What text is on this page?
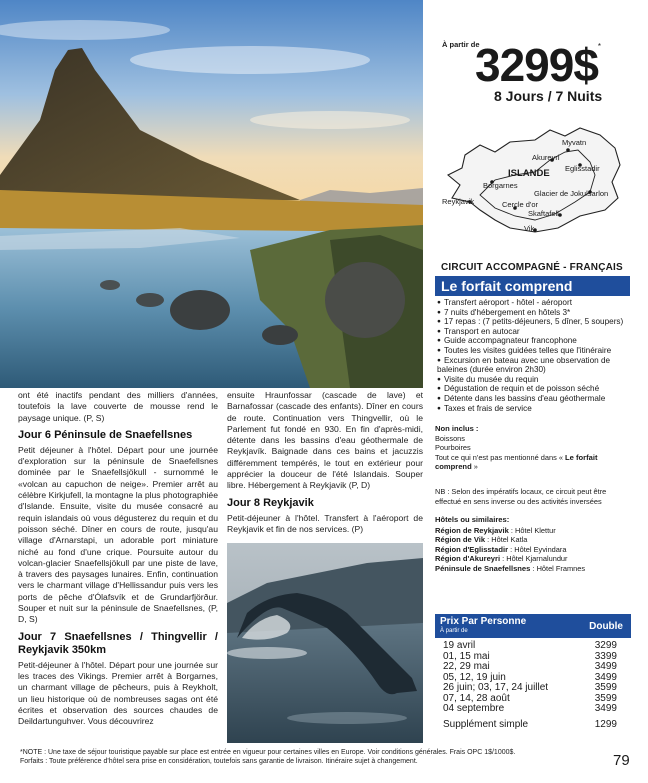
À partir de
3299$*
8 Jours / 7 Nuits
Myvatn
Akureyri
Eglisstadir
ISLANDE
Borgarnes
Glacier de Jokulsarlon
Reykjavik	Cercle d'or
Skaftafell
Vik
CIRCUIT ACCOMPAGNÉ - FRANÇAIS
Le forfait comprend
● Transfert aéroport - hôtel - aéroport
● 7 nuits d'hébergement en hôtels 3*
● 17 repas : (7 petits-déjeuners, 5 dîner, 5 soupers)
● Transport en autocar
● Guide accompagnateur francophone
● Toutes les visites guidées telles que l'itinéraire
● Excursion en bateau avec une observation de baleines (durée environ 2h30)
● Visite du musée du requin
● Dégustation de requin et de poisson séché
● Détente dans les bassins d'eau géothermale
● Taxes et frais de service
Non inclus :
Boissons
Pourboires
Tout ce qui n'est pas mentionné dans « Le forfait comprend »
NB : Selon des impératifs locaux, ce circuit peut être effectué en sens inverse ou des activités inversées
Hôtels ou similaires:
Région de Reykjavik : Hôtel Klettur
Région de Vik : Hôtel Katla
Région d'Eglisstadir : Hôtel Eyvindara
Région d'Akureyri : Hôtel Kjarnalundur
Péninsule de Snaefellsnes : Hôtel Framnes
Prix Par Personne
À partir de	Double
19 avril	3299
01, 15 mai	3399
22, 29 mai	3499
05, 12, 19 juin	3499
26 juin; 03, 17, 24 juillet	3599
07, 14, 28 août	3599
04 septembre	3499
Supplément simple	1299

ont été inactifs pendant des milliers d'années, toutefois la lave couverte de mousse rend le paysage unique. (P, S)

Jour 6 Péninsule de Snaefellsnes

Petit déjeuner à l'hôtel. Départ pour une journée d'exploration sur la péninsule de Snaefellsnes dominée par le Snaefellsjökull - surnommé le «volcan au capuchon de neige». Premier arrêt au célèbre Kirkjufell, la montagne la plus photographiée d'Islande. Ensuite, visite du musée consacré au requin islandais où vous dégusterez du requin et du poisson séché. Dîner en cours de route, jusqu'au village d'Arnarstapi, un adorable port miniature niché au fond d'une crique. Poursuite autour du volcan-glacier Snaefellsjökull par une piste de lave, à travers des paysages lunaires. Enfin, continuation vers le charmant village d'Hellissandur puis vers les ports de pêche d'Ólafsvík et de Grundarfjörður. Souper et nuit sur la péninsule de Snaefellsnes, (P, D, S)

Jour 7 Snaefellsnes / Thingvellir / Reykjavik 350km

Petit-déjeuner à l'hôtel. Départ pour une journée sur les traces des Vikings. Premier arrêt à Borgarnes, un charmant village de pêcheurs, puis à Reykholt, un lieu historique où de nombreuses sagas ont été écrites et observation des sources chaudes de Deildartunguhver. Vous découvrirez

ensuite Hraunfossar (cascade de lave) et Barnafossar (cascade des enfants). Dîner en cours de route. Continuation vers Thingvellir, où le Parlement fut fondé en 930. En fin d'après-midi, détente dans les bassins d'eau géothermale de Reykjavík. Baignade dans ces bains et jacuzzis différemment tempérés, le tout en extérieur pour apprécier la douceur de l'été Islandais. Souper libre. Hébergement à Reykjavik (P, D)

Jour 8 Reykjavik

Petit-déjeuner à l'hôtel. Transfert à l'aéroport de Reykjavik et fin de nos services. (P)

*NOTE : Une taxe de séjour touristique payable sur place est entrée en vigueur pour certaines villes en Europe. Voir conditions générales. Frais OPC 1$/1000$.
Forfaits : Toute préférence d'hôtel sera prise en considération, toutefois sans garantie de livraison. Itinéraire sujet à changement.	79
